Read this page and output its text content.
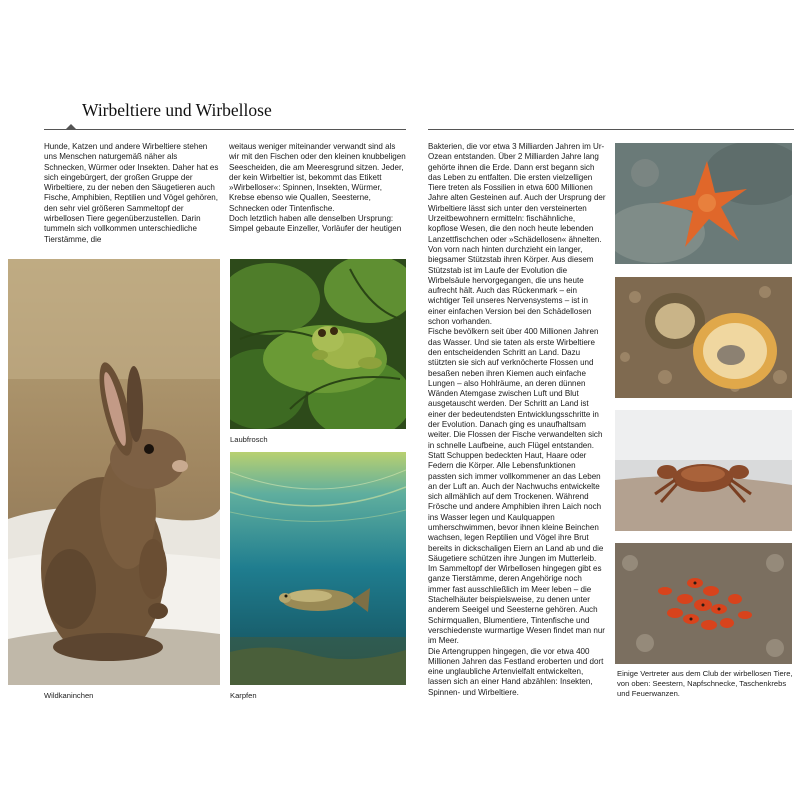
Wirbeltiere und Wirbellose

Hunde, Katzen und andere Wirbeltiere stehen uns Menschen naturgemäß näher als Schnecken, Würmer oder Insekten. Daher hat es sich eingebürgert, der großen Gruppe der Wirbeltiere, zu der neben den Säugetieren auch Fische, Amphibien, Reptilien und Vögel gehören, den sehr viel größeren Sammeltopf der wirbellosen Tiere gegenüberzustellen. Darin tummeln sich vollkommen unterschiedliche Tierstämme, die

weitaus weniger miteinander verwandt sind als wir mit den Fischen oder den kleinen knubbeligen Seescheiden, die am Meeresgrund sitzen. Jeder, der kein Wirbeltier ist, bekommt das Etikett »Wirbelloser«: Spinnen, Insekten, Würmer, Krebse ebenso wie Quallen, Seesterne, Schnecken oder Tintenfische.

Doch letztlich haben alle denselben Ursprung: Simpel gebaute Einzeller, Vorläufer der heutigen

Bakterien, die vor etwa 3 Milliarden Jahren im Ur-Ozean entstanden. Über 2 Milliarden Jahre lang gehörte ihnen die Erde. Dann erst begann sich das Leben zu entfalten. Die ersten vielzelligen Tiere treten als Fossilien in etwa 600 Millionen Jahre alten Gesteinen auf. Auch der Ursprung der Wirbeltiere lässt sich unter den versteinerten Urzeitbewohnern ermitteln: fischähnliche, kopflose Wesen, die den noch heute lebenden Lanzettfischchen oder »Schädellosen« ähnelten. Von vorn nach hinten durchzieht ein langer, biegsamer Stützstab ihren Körper. Aus diesem Stützstab ist im Laufe der Evolution die Wirbelsäule hervorgegangen, die uns heute aufrecht hält. Auch das Rückenmark – ein wichtiger Teil unseres Nervensystems – ist in einer einfachen Version bei den Schädellosen schon vorhanden.

Fische bevölkern seit über 400 Millionen Jahren das Wasser. Und sie taten als erste Wirbeltiere den entscheidenden Schritt an Land. Dazu stützten sie sich auf verknöcherte Flossen und besaßen neben ihren Kiemen auch einfache Lungen – also Hohlräume, an deren dünnen Wänden Atemgase zwischen Luft und Blut ausgetauscht werden. Der Schritt an Land ist einer der bedeutendsten Entwicklungsschritte in der Evolution. Danach ging es unaufhaltsam weiter. Die Flossen der Fische verwandelten sich in schnelle Laufbeine, auch Flügel entstanden. Statt Schuppen bedeckten Haut, Haare oder Federn die Körper. Alle Lebensfunktionen passten sich immer vollkommener an das Leben an der Luft an. Auch der Nachwuchs entwickelte sich allmählich auf dem Trockenen. Während Frösche und andere Amphibien ihren Laich noch ins Wasser legen und Kaulquappen umherschwimmen, bevor ihnen kleine Beinchen wachsen, legen Reptilien und Vögel ihre Brut bereits in dickschaligen Eiern an Land ab und die Säugetiere schützen ihre Jungen im Mutterleib.

Im Sammeltopf der Wirbellosen hingegen gibt es ganze Tierstämme, deren Angehörige noch immer fast ausschließlich im Meer leben – die Stachelhäuter beispielsweise, zu denen unter anderem Seeigel und Seesterne gehören. Auch Schirmquallen, Blumentiere, Tintenfische und verschiedenste wurmartige Wesen findet man nur im Meer.

Die Artengruppen hingegen, die vor etwa 400 Millionen Jahren das Festland eroberten und dort eine unglaubliche Artenvielfalt entwickelten, lassen sich an einer Hand abzählen: Insekten, Spinnen- und Wirbeltiere.

Wildkaninchen
Laubfrosch
Karpfen
Einige Vertreter aus dem Club der wirbellosen Tiere, von oben: Seestern, Napfschnecke, Taschenkrebs und Feuerwanzen.
